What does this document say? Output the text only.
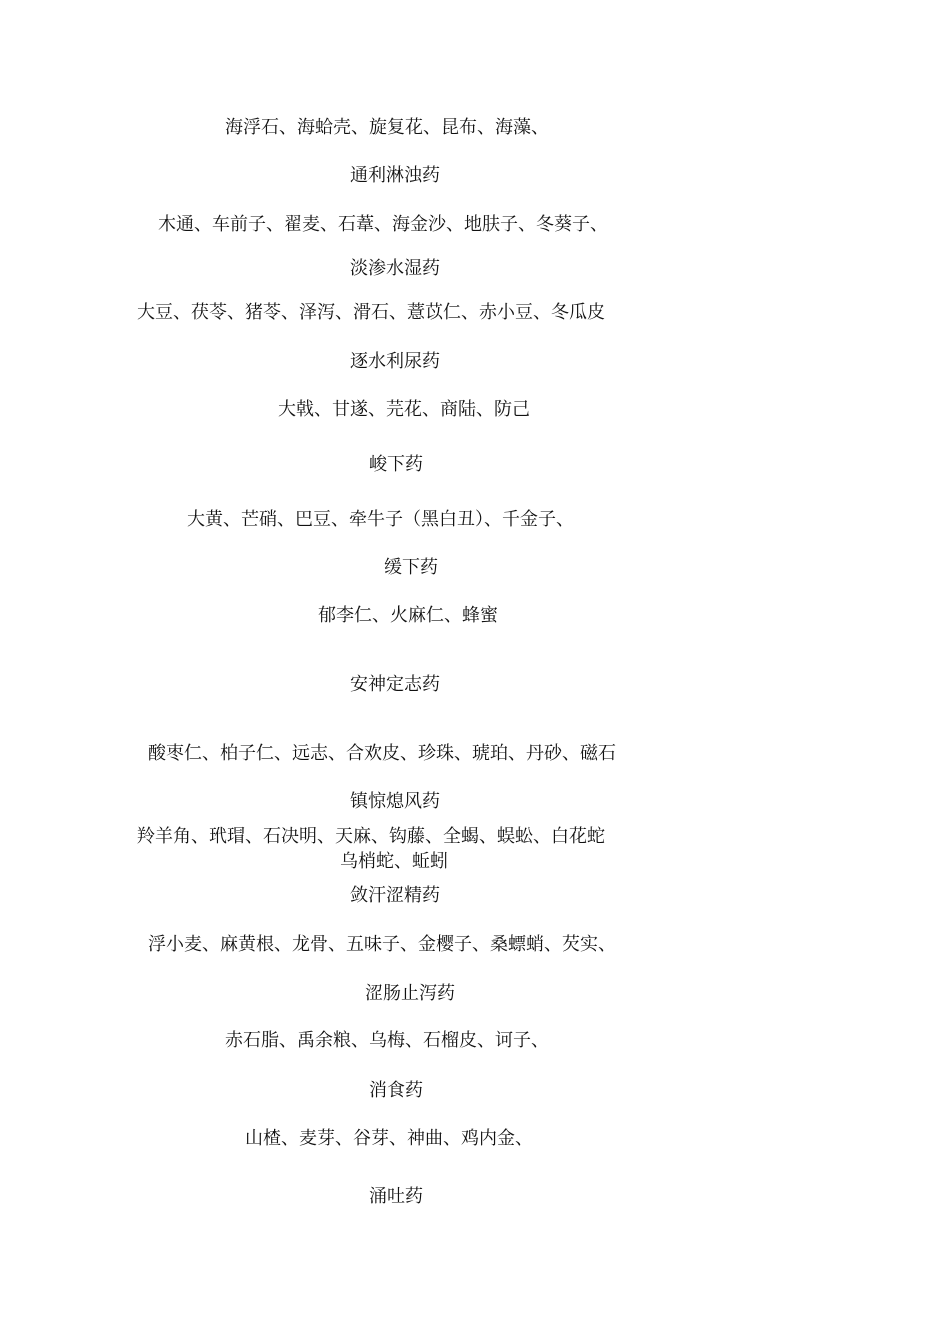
海浮石、海蛤壳、旋复花、昆布、海藻、
通利淋浊药
木通、车前子、翟麦、石葦、海金沙、地肤子、冬葵子、
淡渗水湿药
大豆、茯苓、猪苓、泽泻、滑石、薏苡仁、赤小豆、冬瓜皮
逐水利尿药
大戟、甘遂、芫花、商陆、防己
峻下药
大黄、芒硝、巴豆、牵牛子（黑白丑）、千金子、
缓下药
郁李仁、火麻仁、蜂蜜
安神定志药
酸枣仁、柏子仁、远志、合欢皮、珍珠、琥珀、丹砂、磁石
镇惊熄风药
羚羊角、玳瑁、石决明、天麻、钩藤、全蝎、蜈蚣、白花蛇
乌梢蛇、蚯蚓
敛汗涩精药
浮小麦、麻黄根、龙骨、五味子、金樱子、桑螵蛸、芡实、
涩肠止泻药
赤石脂、禹余粮、乌梅、石榴皮、诃子、
消食药
山楂、麦芽、谷芽、神曲、鸡内金、
涌吐药
